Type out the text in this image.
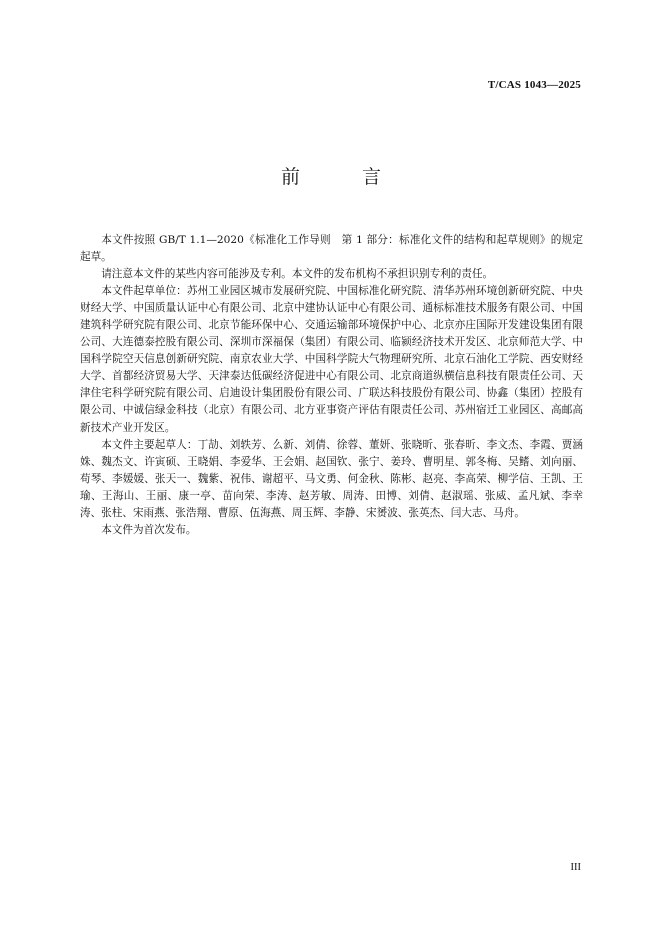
T/CAS 1043—2025
前 言

本文件按照 GB/T 1.1—2020《标准化工作导则　第 1 部分：标准化文件的结构和起草规则》的规定起草。

请注意本文件的某些内容可能涉及专利。本文件的发布机构不承担识别专利的责任。

本文件起草单位：苏州工业园区城市发展研究院、中国标准化研究院、清华苏州环境创新研究院、中央财经大学、中国质量认证中心有限公司、北京中建协认证中心有限公司、通标标准技术服务有限公司、中国建筑科学研究院有限公司、北京节能环保中心、交通运输部环境保护中心、北京亦庄国际开发建设集团有限公司、大连德泰控股有限公司、深圳市深福保（集团）有限公司、临颍经济技术开发区、北京师范大学、中国科学院空天信息创新研究院、南京农业大学、中国科学院大气物理研究所、北京石油化工学院、西安财经大学、首都经济贸易大学、天津泰达低碳经济促进中心有限公司、北京商道纵横信息科技有限责任公司、天津住宅科学研究院有限公司、启迪设计集团股份有限公司、广联达科技股份有限公司、协鑫（集团）控股有限公司、中诚信绿金科技（北京）有限公司、北方亚事资产评估有限责任公司、苏州宿迁工业园区、高邮高新技术产业开发区。

本文件主要起草人：丁劼、刘轶芳、么新、刘倩、徐蓉、董妍、张晓昕、张春昕、李文杰、李霞、贾涵姝、魏杰文、许寅硕、王晓娟、李爱华、王会娟、赵国钦、张宁、姜玲、曹明星、郭冬梅、吴鳍、刘向丽、苟琴、李媛媛、张天一、魏紫、祝伟、谢超平、马文勇、何金秋、陈彬、赵亮、李高荣、柳学信、王凯、王瑜、王海山、王丽、康一亭、苗向荣、李涛、赵芳敏、周涛、田博、刘倩、赵淑瑶、张威、孟凡斌、李幸涛、张柱、宋雨燕、张浩翔、曹原、伍海燕、周玉辉、李静、宋赟波、张英杰、闫大志、马舟。

本文件为首次发布。

III
